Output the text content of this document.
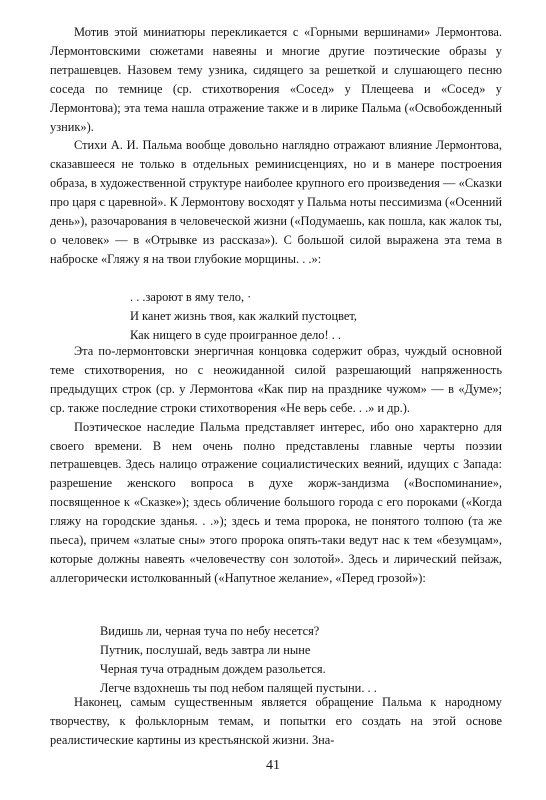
Мотив этой миниатюры перекликается с «Горными вершинами» Лермонтова. Лермонтовскими сюжетами навеяны и многие другие поэтические образы у петрашевцев. Назовем тему узника, сидящего за решеткой и слушающего песню соседа по темнице (ср. стихотворения «Сосед» у Плещеева и «Сосед» у Лермонтова); эта тема нашла отражение также и в лирике Пальма («Освобожденный узник»).

Стихи А. И. Пальма вообще довольно наглядно отражают влияние Лермонтова, сказавшееся не только в отдельных реминисценциях, но и в манере построения образа, в художественной структуре наиболее крупного его произведения — «Сказки про царя с царевной». К Лермонтову восходят у Пальма ноты пессимизма («Осенний день»), разочарования в человеческой жизни («Подумаешь, как пошла, как жалок ты, о человек» — в «Отрывке из рассказа»). С большой силой выражена эта тема в наброске «Гляжу я на твои глубокие морщины. . .»:

. . .зароют в яму тело, ·
И канет жизнь твоя, как жалкий пустоцвет,
Как нищего в суде проигранное дело! . .

Эта по-лермонтовски энергичная концовка содержит образ, чуждый основной теме стихотворения, но с неожиданной силой разрешающий напряженность предыдущих строк (ср. у Лермонтова «Как пир на празднике чужом» — в «Думе»; ср. также последние строки стихотворения «Не верь себе. . .» и др.).

Поэтическое наследие Пальма представляет интерес, ибо оно характерно для своего времени. В нем очень полно представлены главные черты поэзии петрашевцев. Здесь налицо отражение социалистических веяний, идущих с Запада: разрешение женского вопроса в духе жорж-зандизма («Воспоминание», посвященное к «Сказке»); здесь обличение большого города с его пороками («Когда гляжу на городские зданья. . .»); здесь и тема пророка, не понятого толпою (та же пьеса), причем «златые сны» этого пророка опять-таки ведут нас к тем «безумцам», которые должны навеять «человечеству сон золотой». Здесь и лирический пейзаж, аллегорически истолкованный («Напутное желание», «Перед грозой»):

Видишь ли, черная туча по небу несется?
Путник, послушай, ведь завтра ли ныне
Черная туча отрадным дождем разольется.
Легче вздохнешь ты под небом палящей пустыни. . .

Наконец, самым существенным является обращение Пальма к народному творчеству, к фольклорным темам, и попытки его создать на этой основе реалистические картины из крестьянской жизни. Зна-

41
